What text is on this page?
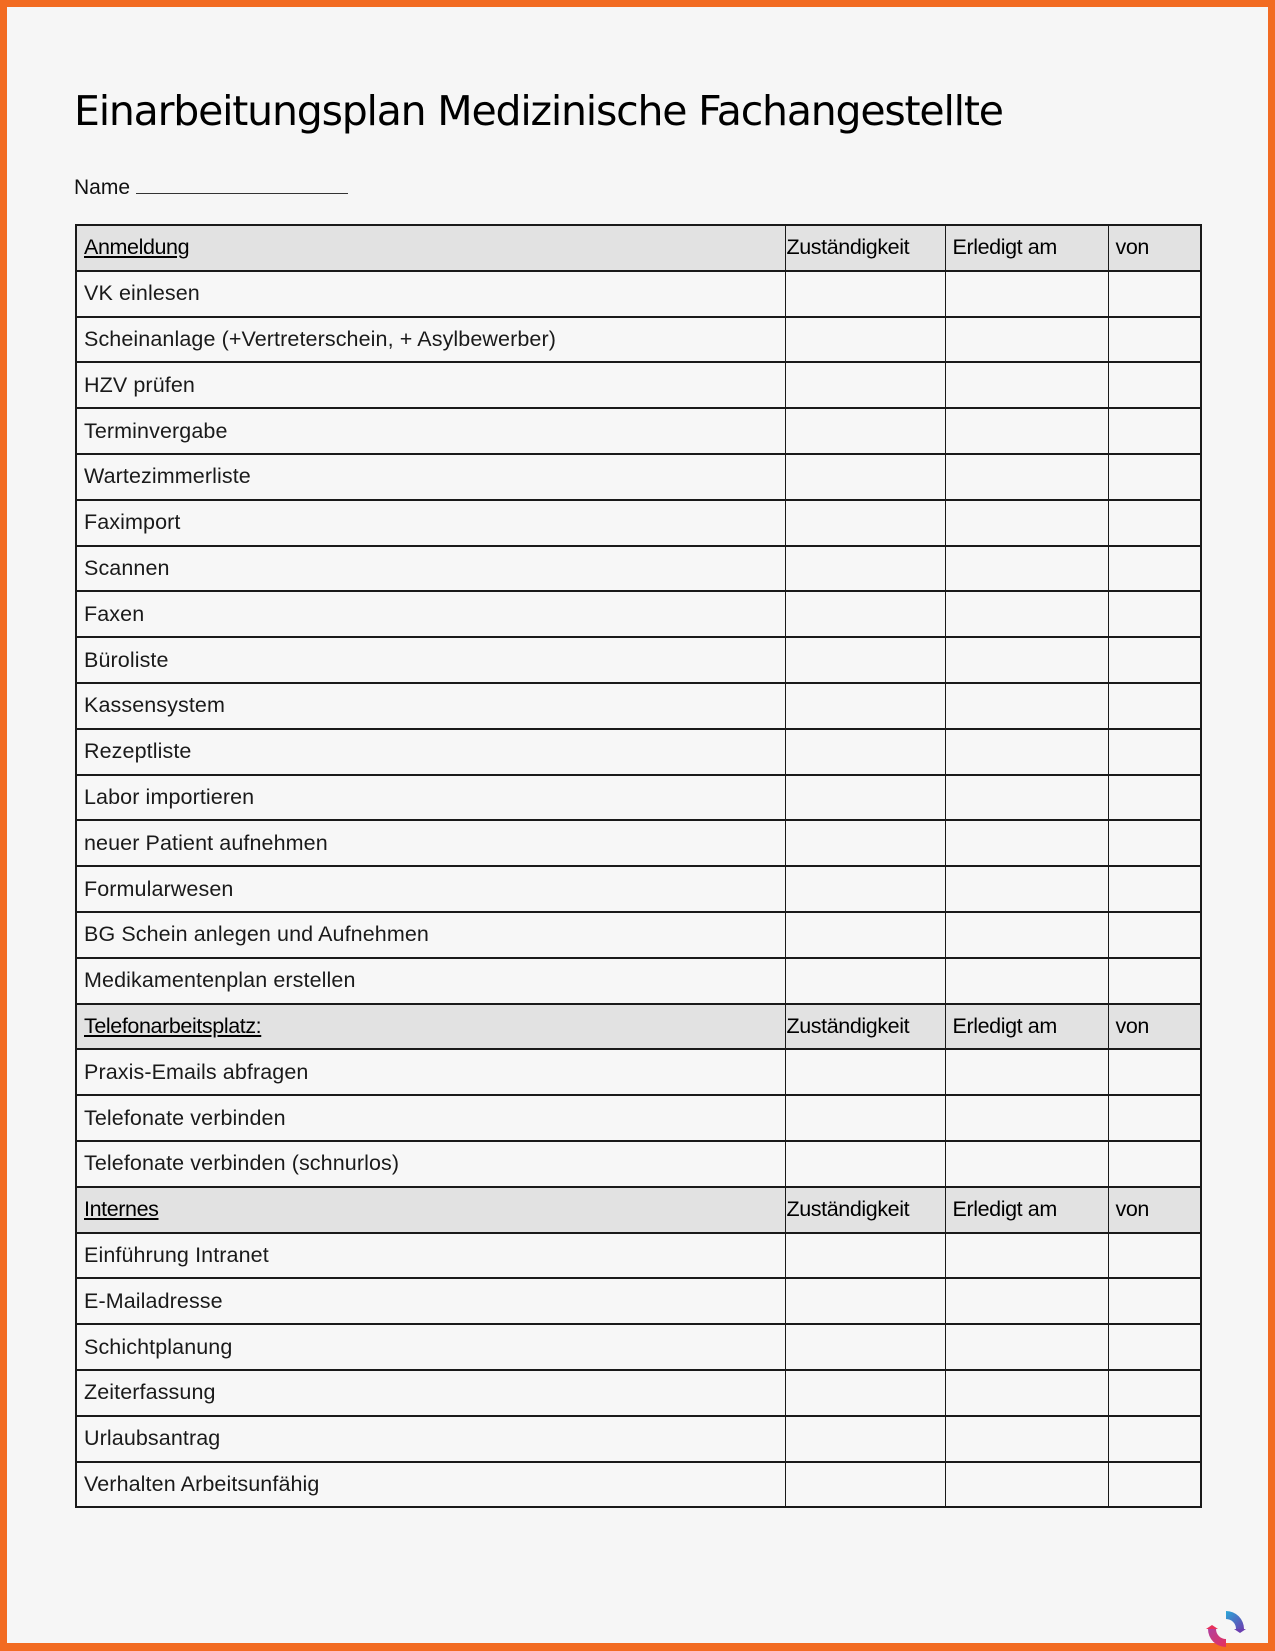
Einarbeitungsplan Medizinische Fachangestellte
Name
Anmeldung	Zuständigkeit	Erledigt am	von
VK einlesen			
Scheinanlage (+Vertreterschein, + Asylbewerber)			
HZV prüfen			
Terminvergabe			
Wartezimmerliste			
Faximport			
Scannen			
Faxen			
Büroliste			
Kassensystem			
Rezeptliste			
Labor importieren			
neuer Patient aufnehmen			
Formularwesen			
BG Schein anlegen und Aufnehmen			
Medikamentenplan erstellen			
Telefonarbeitsplatz:	Zuständigkeit	Erledigt am	von
Praxis-Emails abfragen			
Telefonate verbinden			
Telefonate verbinden (schnurlos)			
Internes	Zuständigkeit	Erledigt am	von
Einführung Intranet			
E-Mailadresse			
Schichtplanung			
Zeiterfassung			
Urlaubsantrag			
Verhalten Arbeitsunfähig			
